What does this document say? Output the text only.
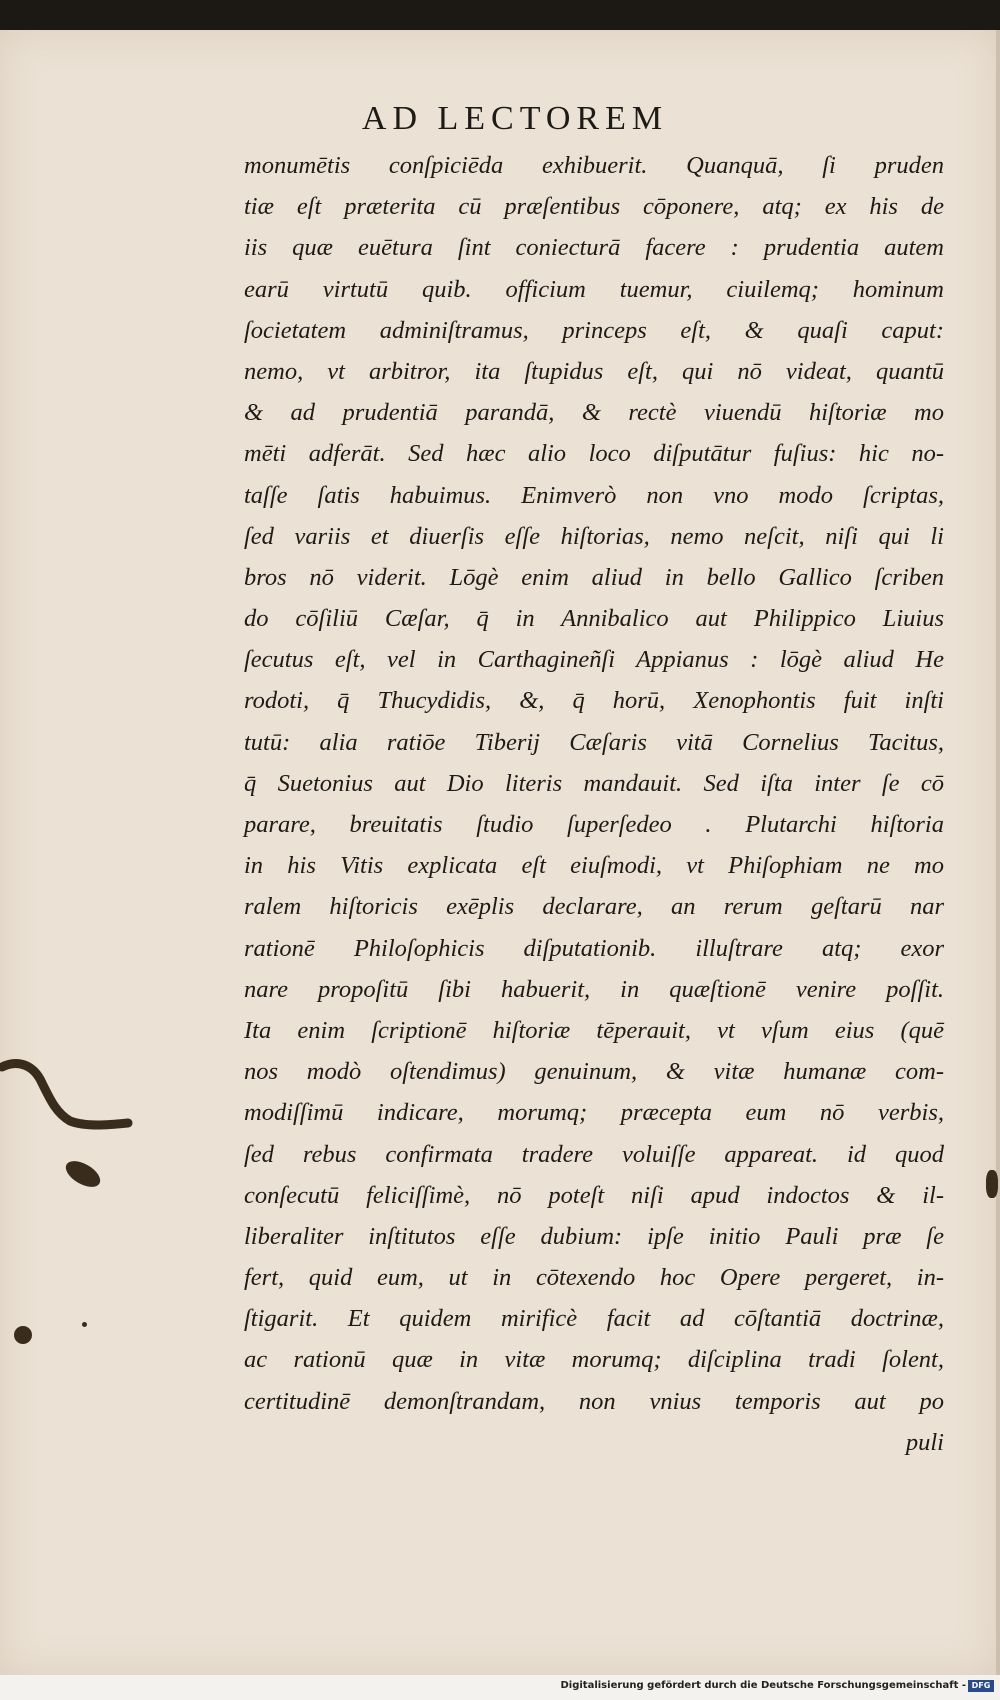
AD LECTOREM
monumētis conſpiciēda exhibuerit. Quanquā, ſi pruden
tiæ eſt præterita cū præſentibus cōponere, atq; ex his de
iis quæ euētura ſint coniecturā facere : prudentia autem
earū virtutū quib. officium tuemur, ciuilemq; hominum
ſocietatem adminiſtramus, princeps eſt, & quaſi caput:
nemo, vt arbitror, ita ſtupidus eſt, qui nō videat, quantū
& ad prudentiā parandā, & rectè viuendū hiſtoriæ mo
mēti adferāt. Sed hæc alio loco diſputātur fuſius: hic no-
taſſe ſatis habuimus. Enimverò non vno modo ſcriptas,
ſed variis et diuerſis eſſe hiſtorias, nemo neſcit, niſi qui li
bros nō viderit. Lōgè enim aliud in bello Gallico ſcriben
do cōſiliū Cæſar, q̄ in Annibalico aut Philippico Liuius
ſecutus eſt, vel in Carthagineñſi Appianus : lōgè aliud He
rodoti, q̄ Thucydidis, &, q̄ horū, Xenophontis fuit inſti
tutū: alia ratiōe Tiberij Cæſaris vitā Cornelius Tacitus,
q̄ Suetonius aut Dio literis mandauit. Sed iſta inter ſe cō
parare, breuitatis ſtudio ſuperſedeo . Plutarchi hiſtoria
in his Vitis explicata eſt eiuſmodi, vt Phiſophiam ne mo
ralem hiſtoricis exēplis declarare, an rerum geſtarū nar
rationē Philoſophicis diſputationib. illuſtrare atq; exor
nare propoſitū ſibi habuerit, in quæſtionē venire poſſit.
Ita enim ſcriptionē hiſtoriæ tēperauit, vt vſum eius (quē
nos modò oſtendimus) genuinum, & vitæ humanæ com-
modiſſimū indicare, morumq; præcepta eum nō verbis,
ſed rebus confirmata tradere voluiſſe appareat. id quod
conſecutū feliciſſimè, nō poteſt niſi apud indoctos & il-
liberaliter inſtitutos eſſe dubium: ipſe initio Pauli præ ſe
fert, quid eum, ut in cōtexendo hoc Opere pergeret, in-
ſtigarit. Et quidem mirificè facit ad cōſtantiā doctrinæ,
ac rationū quæ in vitæ morumq; diſciplina tradi ſolent,
certitudinē demonſtrandam, non vnius temporis aut po
puli
Digitalisierung gefördert durch die Deutsche Forschungsgemeinschaft - DFG
